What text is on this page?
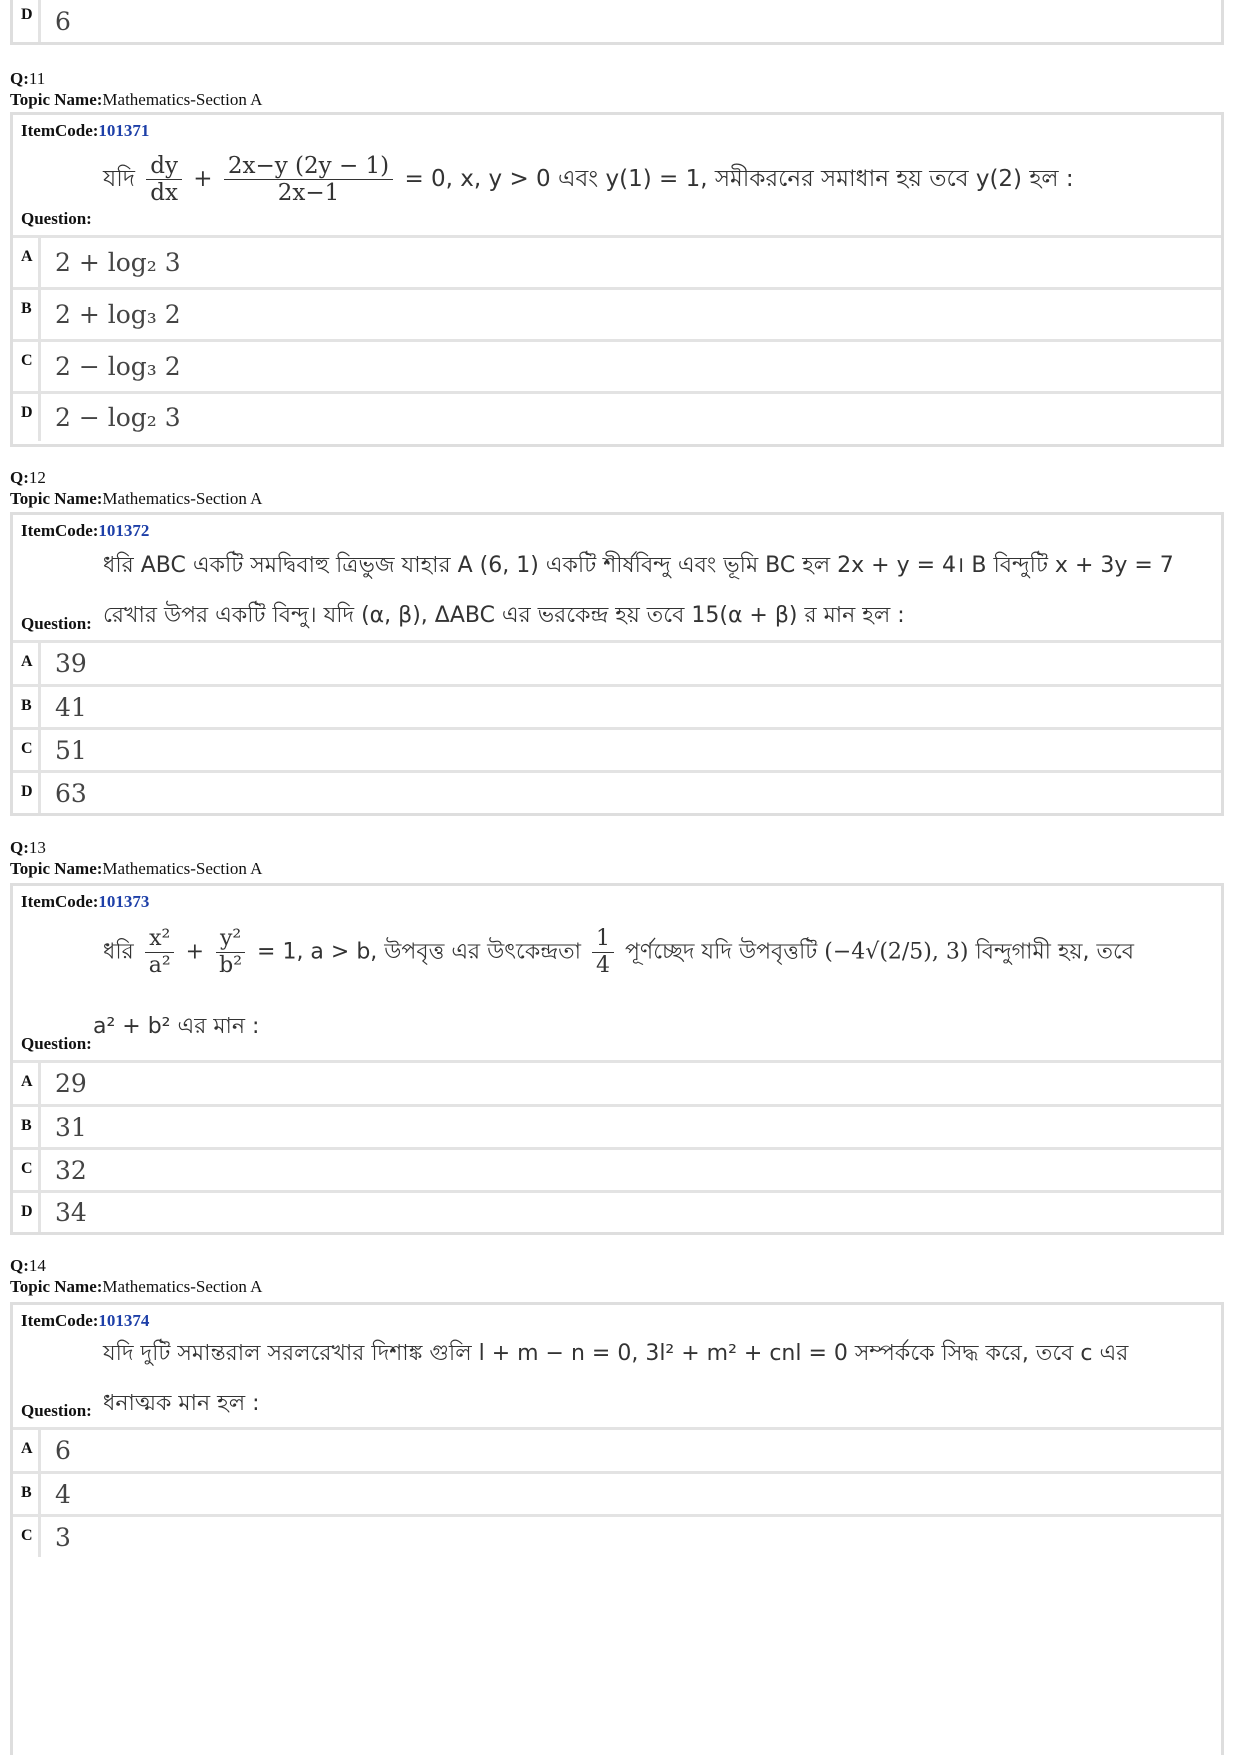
D 6
Q:11
Topic Name:Mathematics-Section A
ItemCode:101371
যদি $\frac{dy}{dx} + \frac{2x-y (2y - 1)}{2x-1} = 0$, x, y > 0 এবং y(1) = 1, সমীকরনের সমাধান হয় তবে y(2) হল :
Question:
A 2 + log₂ 3
B 2 + log₃ 2
C 2 − log₃ 2
D 2 − log₂ 3
Q:12
Topic Name:Mathematics-Section A
ItemCode:101372
ধরি ABC একটি সমদ্বিবাহু ত্রিভুজ যাহার A (6, 1) একটি শীর্ষবিন্দু এবং ভূমি BC হল 2x + y = 4। B বিন্দুটি x + 3y = 7
রেখার উপর একটি বিন্দু। যদি (α, β), ΔABC এর ভরকেন্দ্র হয় তবে 15(α + β) র মান হল :
Question:
A 39
B 41
C 51
D 63
Q:13
Topic Name:Mathematics-Section A
ItemCode:101373
ধরি $\frac{\text{x²}}{\text{a²}} + \frac{\text{y²}}{\text{b²}} = 1$, a > b, উপবৃত্ত এর উৎকেন্দ্রতা $\frac{1}{4}$ পূর্ণচ্ছেদ যদি উপবৃত্তটি (−4√(2/5), 3) বিন্দুগামী হয়, তবে
a² + b² এর মান :
Question:
A 29
B 31
C 32
D 34
Q:14
Topic Name:Mathematics-Section A
ItemCode:101374
যদি দুটি সমান্তরাল সরলরেখার দিশাঙ্ক গুলি l + m − n = 0, 3l² + m² + cnl = 0 সম্পর্ককে সিদ্ধ করে, তবে c এর
ধনাত্মক মান হল :
Question:
A 6
B 4
C 3
